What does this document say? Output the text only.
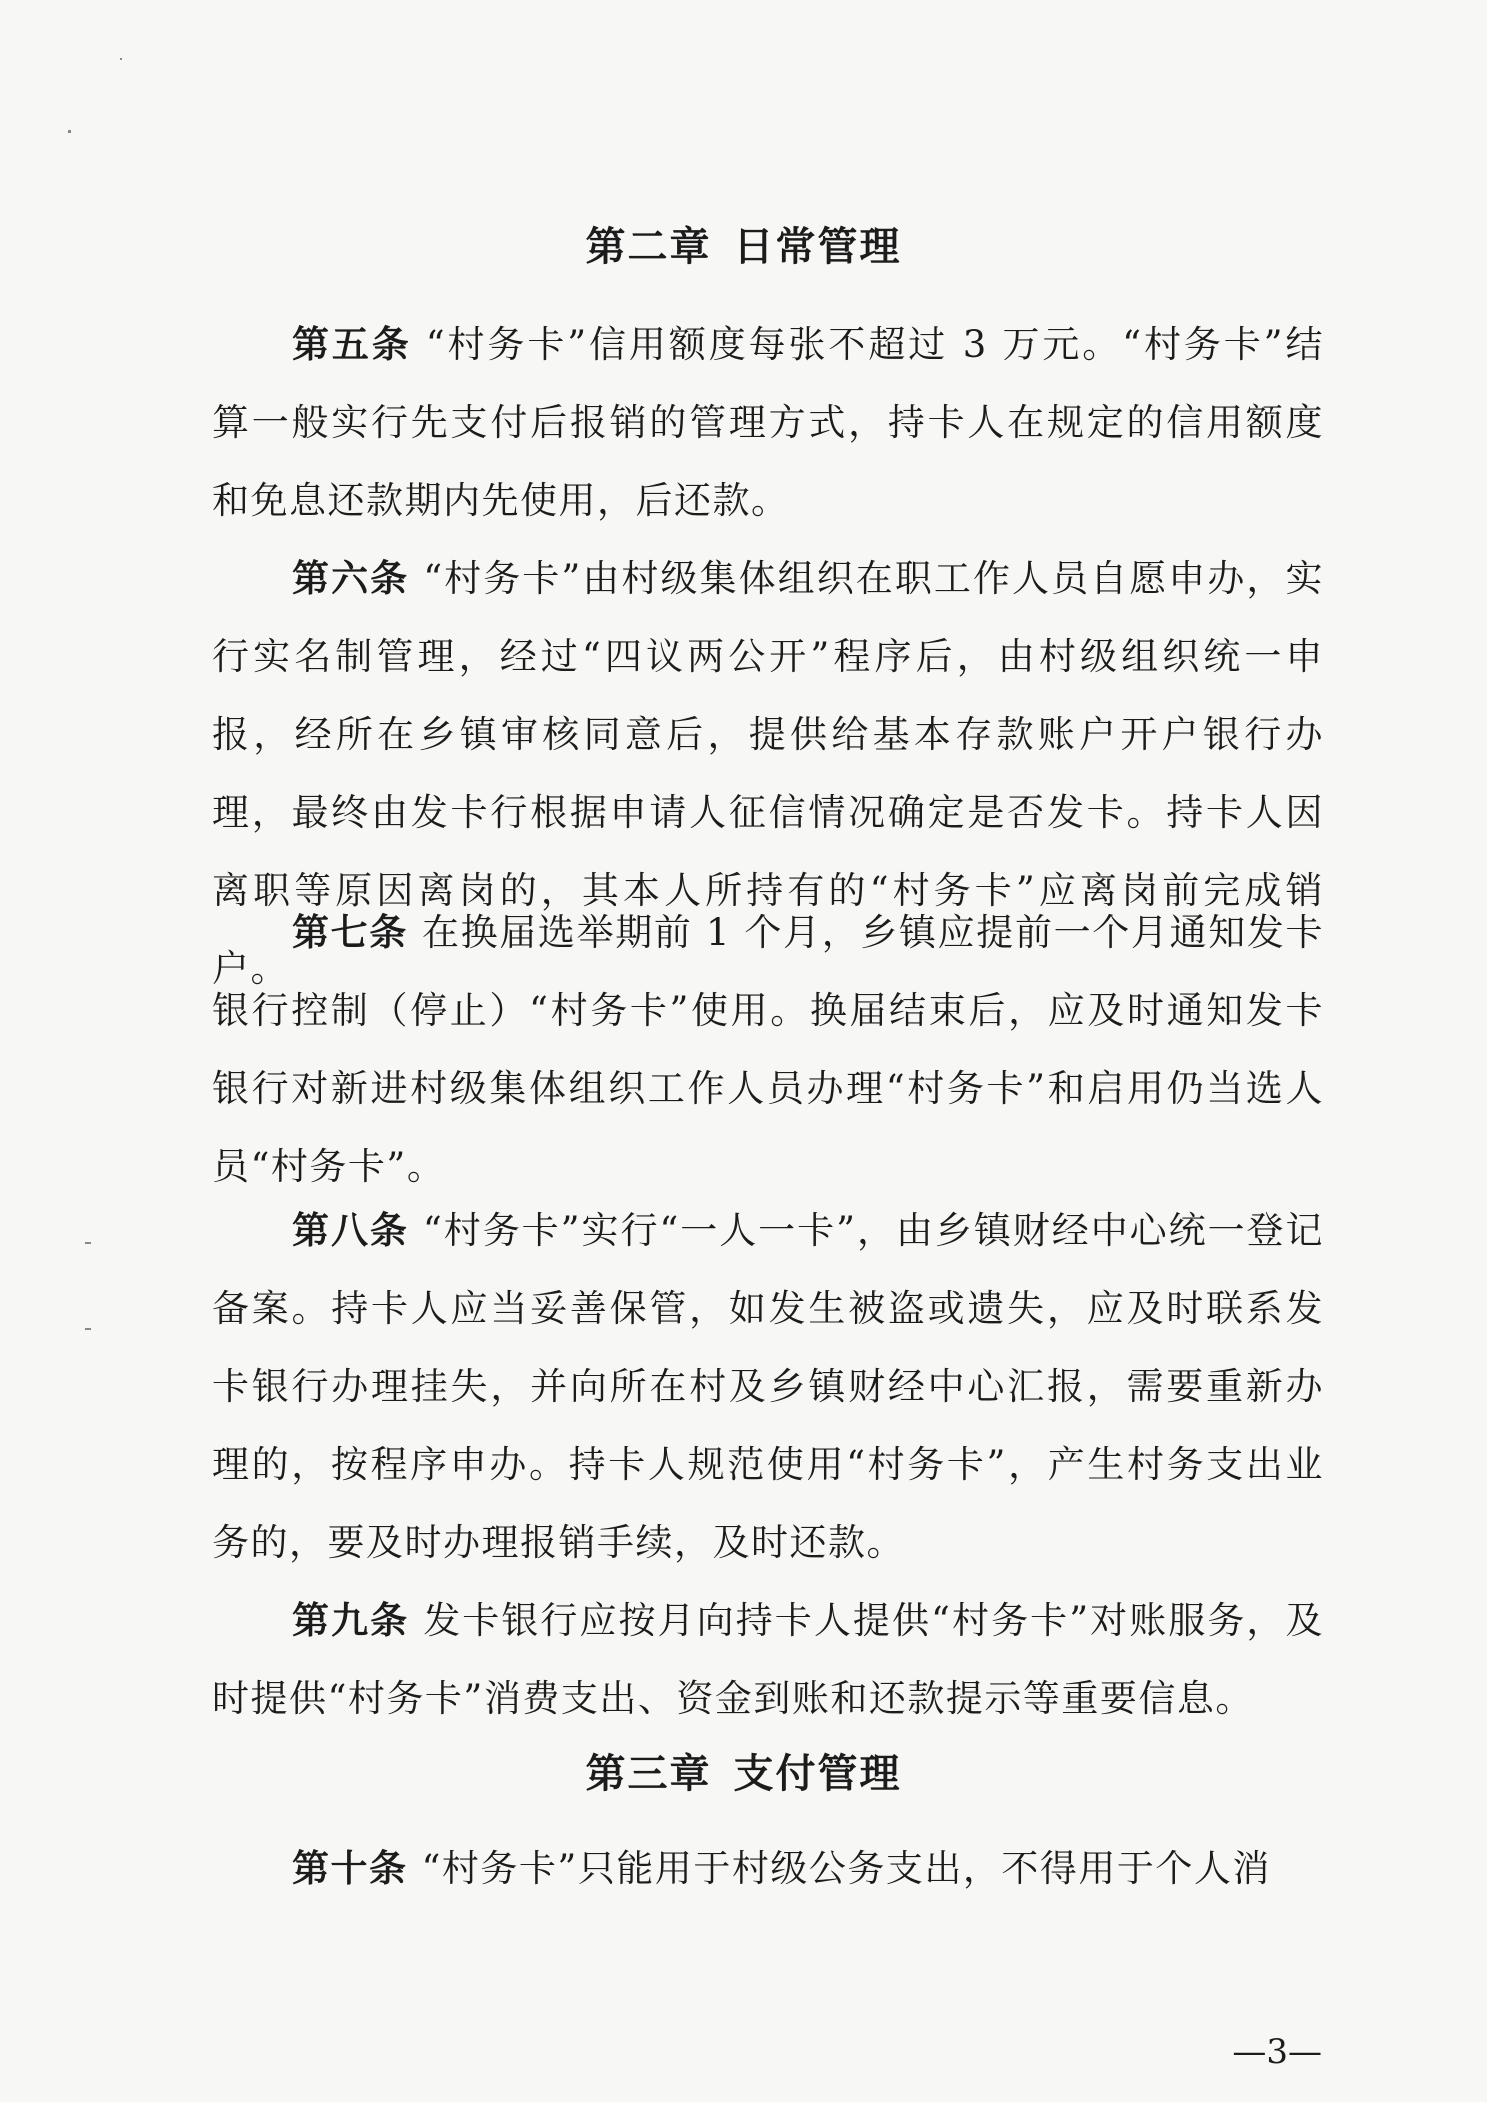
第二章 日常管理
第五条 “村务卡”信用额度每张不超过 3 万元。“村务卡”结算一般实行先支付后报销的管理方式，持卡人在规定的信用额度和免息还款期内先使用，后还款。
第六条 “村务卡”由村级集体组织在职工作人员自愿申办，实行实名制管理，经过“四议两公开”程序后，由村级组织统一申报，经所在乡镇审核同意后，提供给基本存款账户开户银行办理，最终由发卡行根据申请人征信情况确定是否发卡。持卡人因离职等原因离岗的，其本人所持有的“村务卡”应离岗前完成销户。
第七条 在换届选举期前 1 个月，乡镇应提前一个月通知发卡银行控制（停止）“村务卡”使用。换届结束后，应及时通知发卡银行对新进村级集体组织工作人员办理“村务卡”和启用仍当选人员“村务卡”。
第八条 “村务卡”实行“一人一卡”，由乡镇财经中心统一登记备案。持卡人应当妥善保管，如发生被盗或遗失，应及时联系发卡银行办理挂失，并向所在村及乡镇财经中心汇报，需要重新办理的，按程序申办。持卡人规范使用“村务卡”，产生村务支出业务的，要及时办理报销手续，及时还款。
第九条 发卡银行应按月向持卡人提供“村务卡”对账服务，及时提供“村务卡”消费支出、资金到账和还款提示等重要信息。
第三章 支付管理
第十条 “村务卡”只能用于村级公务支出，不得用于个人消
—3—
